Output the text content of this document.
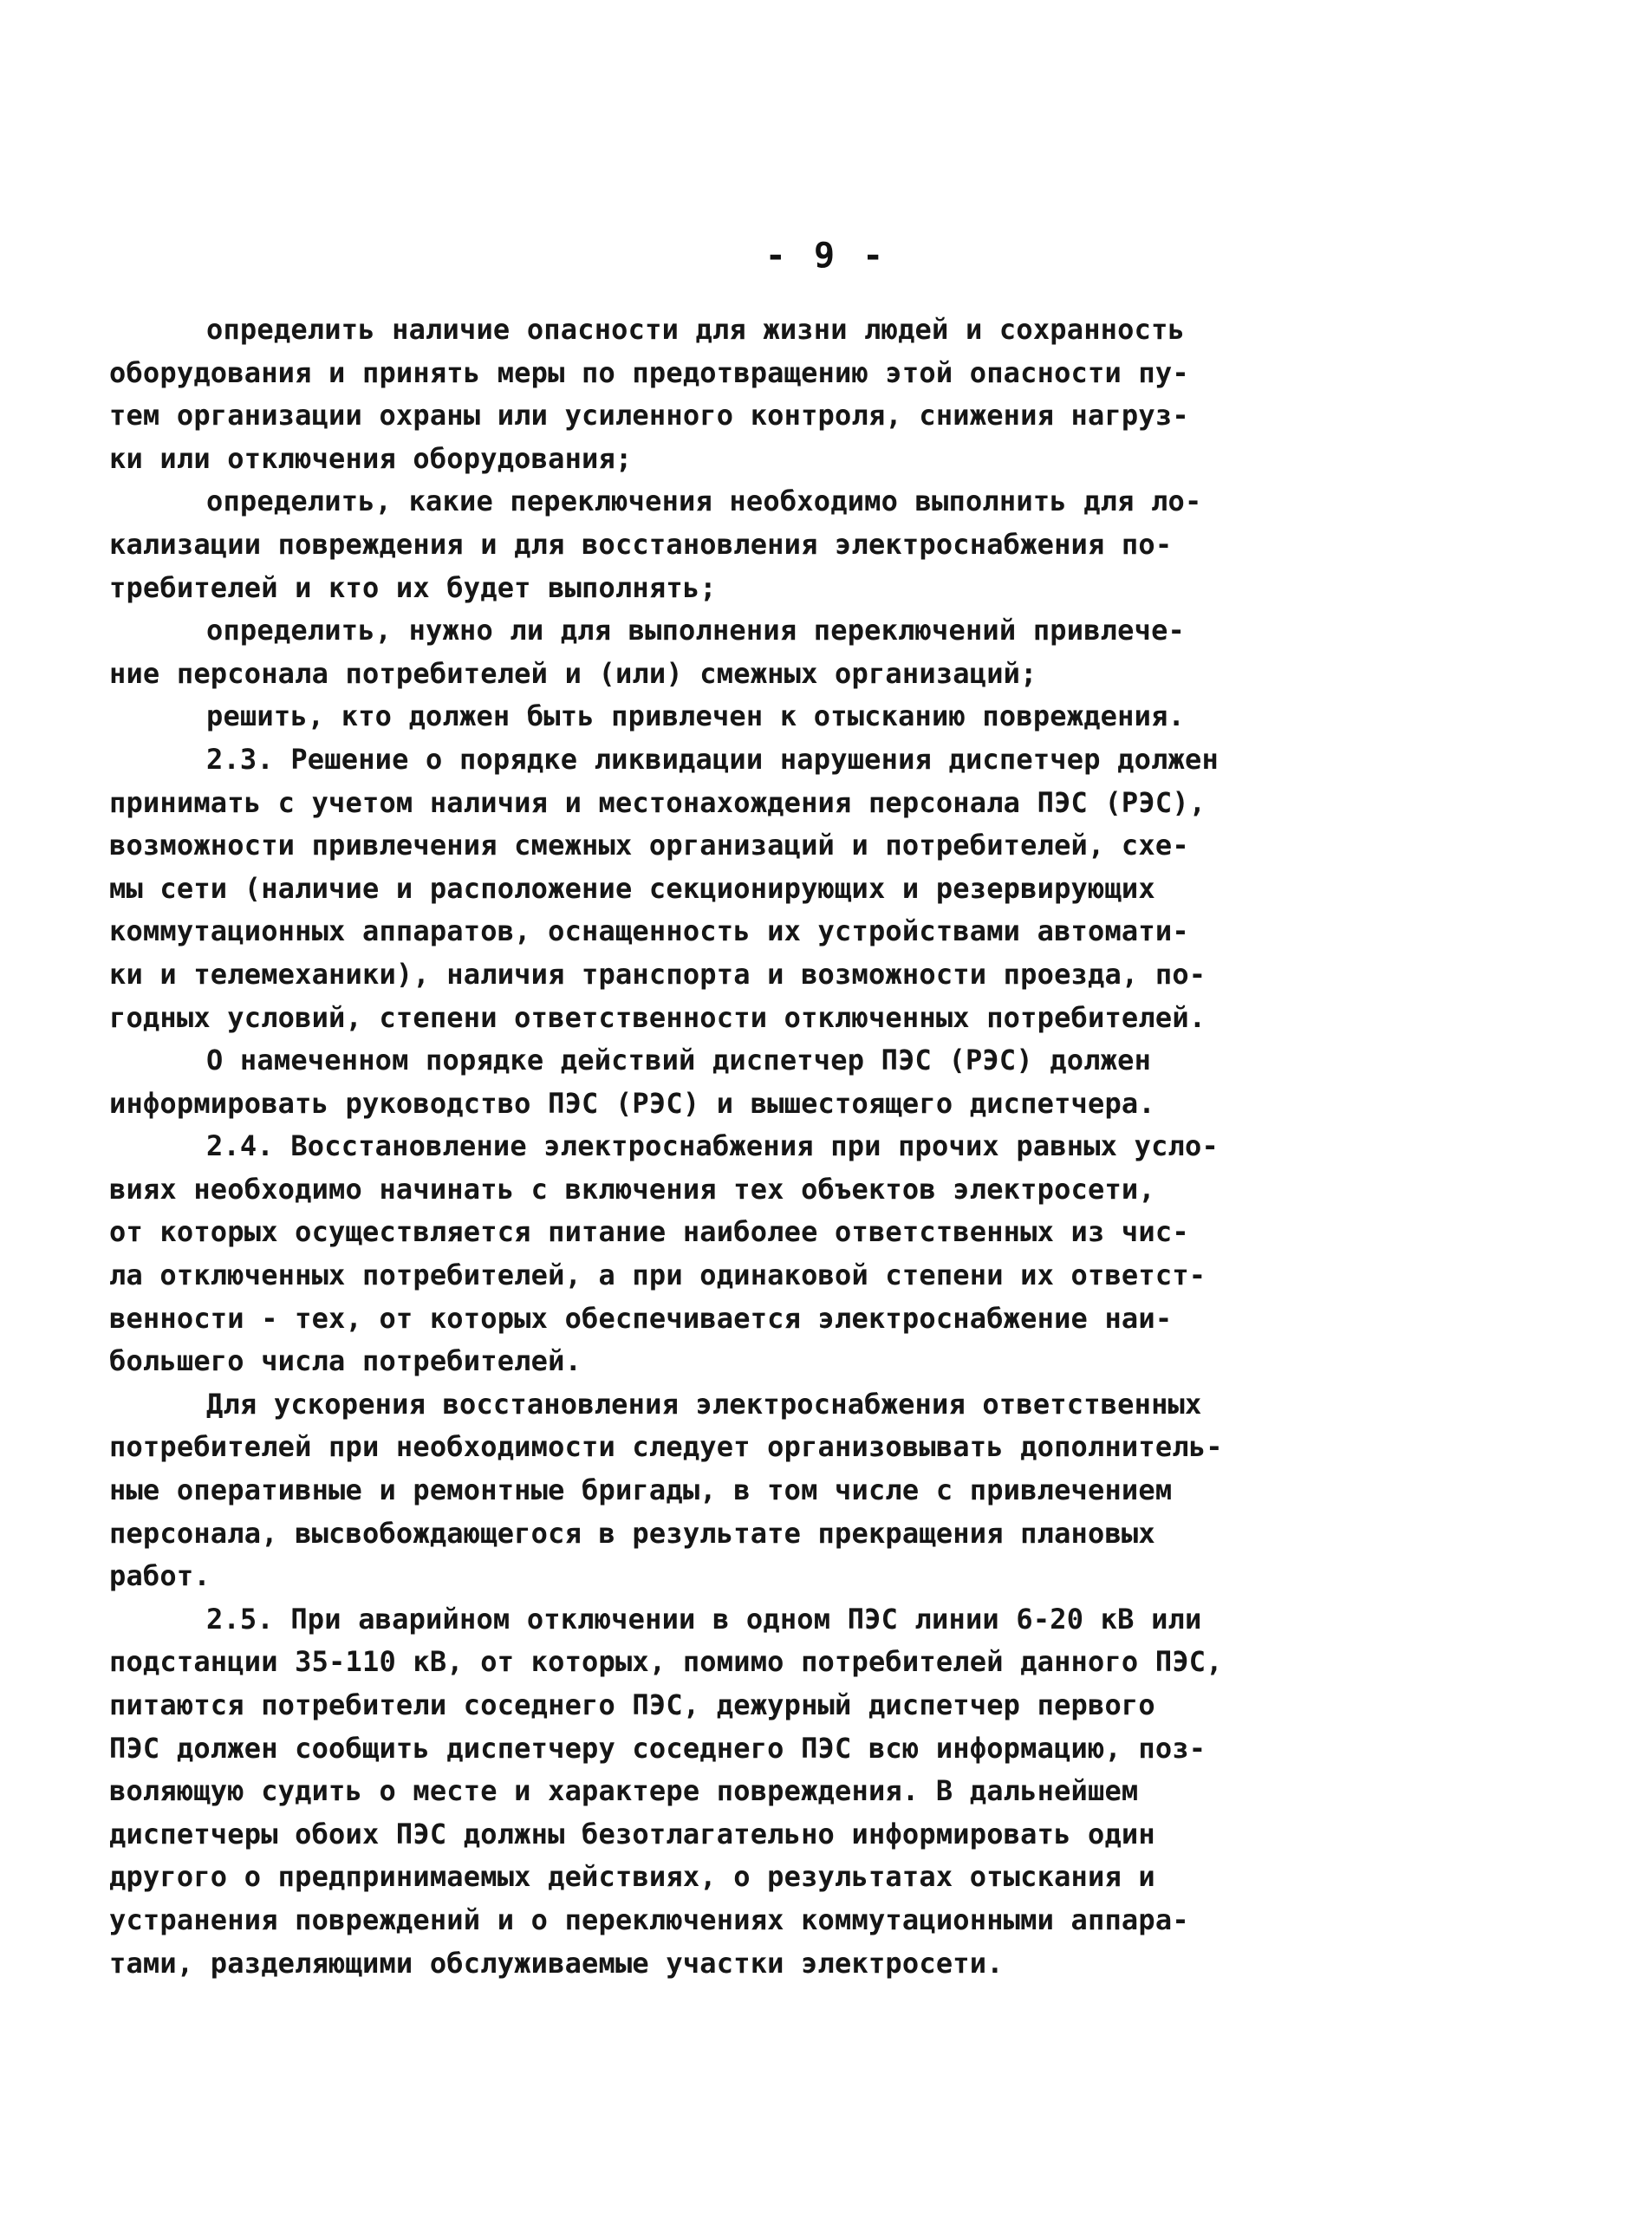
- 9 -
определить наличие опасности для жизни людей и сохранность
оборудования и принять меры по предотвращению этой опасности пу-
тем организации охраны или усиленного контроля, снижения нагруз-
ки или отключения оборудования;
определить, какие переключения необходимо выполнить для ло-
кализации повреждения и для восстановления электроснабжения по-
требителей и кто их будет выполнять;
определить, нужно ли для выполнения переключений привлече-
ние персонала потребителей и (или) смежных организаций;
решить, кто должен быть привлечен к отысканию повреждения.
2.3. Решение о порядке ликвидации нарушения диспетчер должен
принимать с учетом наличия и местонахождения персонала ПЭС (РЭС),
возможности привлечения смежных организаций и потребителей, схе-
мы сети (наличие и расположение секционирующих и резервирующих
коммутационных аппаратов, оснащенность их устройствами автомати-
ки и телемеханики), наличия транспорта и возможности проезда, по-
годных условий, степени ответственности отключенных потребителей.
О намеченном порядке действий диспетчер ПЭС (РЭС) должен
информировать руководство ПЭС (РЭС) и вышестоящего диспетчера.
2.4. Восстановление электроснабжения при прочих равных усло-
виях необходимо начинать с включения тех объектов электросети,
от которых осуществляется питание наиболее ответственных из чис-
ла отключенных потребителей, а при одинаковой степени их ответст-
венности - тех, от которых обеспечивается электроснабжение наи-
большего числа потребителей.
Для ускорения восстановления электроснабжения ответственных
потребителей при необходимости следует организовывать дополнитель-
ные оперативные и ремонтные бригады, в том числе с привлечением
персонала, высвобождающегося в результате прекращения плановых
работ.
2.5. При аварийном отключении в одном ПЭС линии 6-20 кВ или
подстанции 35-110 кВ, от которых, помимо потребителей данного ПЭС,
питаются потребители соседнего ПЭС, дежурный диспетчер первого
ПЭС должен сообщить диспетчеру соседнего ПЭС всю информацию, поз-
воляющую судить о месте и характере повреждения. В дальнейшем
диспетчеры обоих ПЭС должны безотлагательно информировать один
другого о предпринимаемых действиях, о результатах отыскания и
устранения повреждений и о переключениях коммутационными аппара-
тами, разделяющими обслуживаемые участки электросети.
